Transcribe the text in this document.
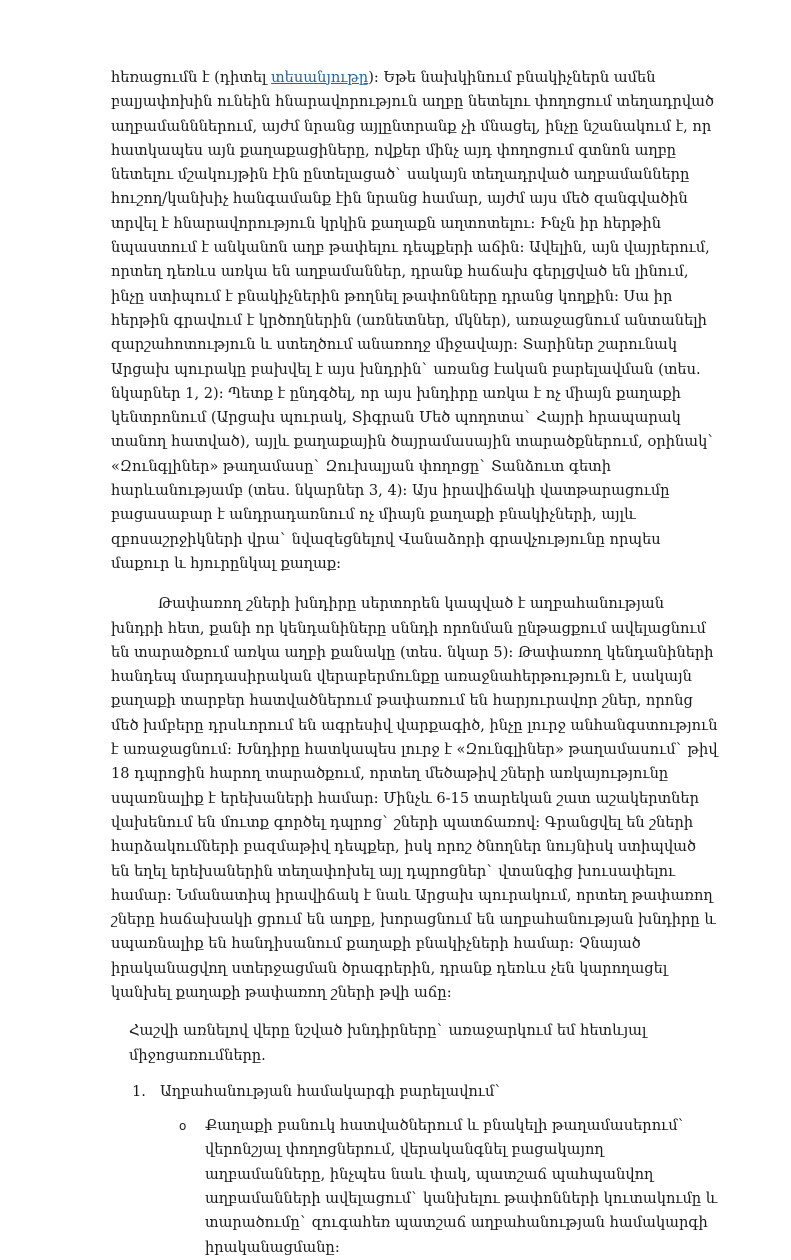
հեռացումն է (դիտել տեսանյութը): Եթե նախկինում բնակիչներն ամեն բալյափոխին ունեին հնարավորություն աղբը նետելու փողոցում տեղադրված աղբամանններում, այժմ նրանց այլընտրանք չի մնացել, ինչը նշանակում է, որ հատկապես այն քաղաքացիները, ովքեր մինչ այդ փողոցում գտնոն աղբը նետելու մշակույթին էին ընտելացած` սակայն տեղադրված աղբամանները հուշող/կանխիչ հանգամանք էին նրանց համար, այժմ այս մեծ զանգվածին տրվել է հնարավորություն կրկին քաղաքն աղտոտելու: Ինչն իր հերթին նպաստում է անկանոն աղբ թափելու դեպքերի աճին: Ավելին, այն վայրերում, որտեղ դեռևս առկա են աղբամաններ, դրանք հաճախ գերլցված են լինում, ինչը ստիպում է բնակիչներին թողնել թափոնները դրանց կողքին: Սա իր հերթին գրավում է կրծողներին (առնետներ, մկներ), առաջացնում անտանելի զարշահոտություն և ստեղծում անառողջ միջավայր: Տարիներ շարունակ Արցախ պուրակը բախվել է այս խնդրին` առանց էական բարելավման (տես. նկարներ 1, 2): Պետք է ընդգծել, որ այս խնդիրը առկա է ոչ միայն քաղաքի կենտրոնում (Արցախ պուրակ, Տիգրան Մեծ պողոտա` Հայրի հրապարակ տանող հատված), այլև քաղաքային ծայրամասային տարածքներում, օրինակ` «Զունգլիներ» թաղամասը` Զուխալյան փողոցը` Տանձուտ գետի հարևանությամբ (տես. նկարներ 3, 4): Այս իրավիճակի վատթարացումը բացասաբար է անդրադառնում ոչ միայն քաղաքի բնակիչների, այլև զբոսաշրջիկների վրա` նվազեցնելով Վանաձորի գրավչությունը որպես մաքուր և հյուրընկալ քաղաք:

Թափառող շների խնդիրը սերտորեն կապված է աղբահանության խնդրի հետ, քանի որ կենդանիները սննդի որոնման ընթացքում ավելացնում են տարածքում առկա աղբի քանակը (տես. նկար 5): Թափառող կենդանիների հանդեպ մարդասիրական վերաբերմունքը առաջնահերթություն է, սակայն քաղաքի տարբեր հատվածներում թափառում են հարյուրավոր շներ, որոնց մեծ խմբերը դրսևորում են ագրեսիվ վարքագիծ, ինչը լուրջ անհանգստություն է առաջացնում: Խնդիրը հատկապես լուրջ է «Զունգլիներ» թաղամասում` թիվ 18 դպրոցին հարող տարածքում, որտեղ մեծաթիվ շների առկայությունը սպառնալիք է երեխաների համար: Մինչև 6-15 տարեկան շատ աշակերտներ վախենում են մուտք գործել դպրոց` շների պատճառով: Գրանցվել են շների հարձակումների բազմաթիվ դեպքեր, իսկ որոշ ծնողներ նույնիսկ ստիպված են եղել երեխաներին տեղափոխել այլ դպրոցներ` վտանգից խուսափելու համար: Նմանատիպ իրավիճակ է նաև Արցախ պուրակում, որտեղ թափառող շները հաճախակի ցրում են աղբը, խորացնում են աղբահանության խնդիրը և սպառնալիք են հանդիսանում քաղաքի բնակիչների համար: Չնայած իրականացվող ստերջացման ծրագրերին, դրանք դեռևս չեն կարողացել կանխել քաղաքի թափառող շների թվի աճը:

Հաշվի առնելով վերը նշված խնդիրները` առաջարկում եմ հետևյալ միջոցառումները.

1. Աղբահանության համակարգի բարելավում`
o	Քաղաքի բանուկ հատվածներում և բնակելի թաղամասերում` վերոնշյալ փողոցներում, վերականգնել բացակայող աղբամանները, ինչպես նաև փակ, պատշաճ պահպանվող աղբամանների ավելացում` կանխելու թափոնների կուտակումը և տարածումը` զուգահեռ պատշաճ աղբահանության համակարգի իրականացմանը:
